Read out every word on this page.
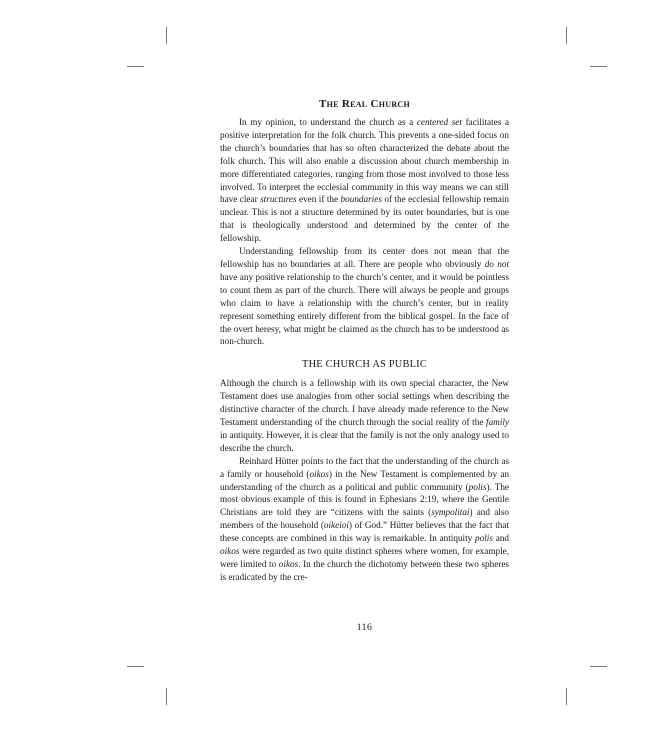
The Real Church

In my opinion, to understand the church as a centered set facilitates a positive interpretation for the folk church. This prevents a one-sided focus on the church’s boundaries that has so often characterized the debate about the folk church. This will also enable a discussion about church membership in more differentiated categories, ranging from those most involved to those less involved. To interpret the ecclesial community in this way means we can still have clear structures even if the boundaries of the ecclesial fellowship remain unclear. This is not a structure determined by its outer boundaries, but is one that is theologically understood and determined by the center of the fellowship.

Understanding fellowship from its center does not mean that the fellowship has no boundaries at all. There are people who obviously do not have any positive relationship to the church’s center, and it would be pointless to count them as part of the church. There will always be people and groups who claim to have a relationship with the church’s center, but in reality represent something entirely different from the biblical gospel. In the face of the overt heresy, what might be claimed as the church has to be understood as non-church.

THE CHURCH AS PUBLIC

Although the church is a fellowship with its own special character, the New Testament does use analogies from other social settings when describing the distinctive character of the church. I have already made reference to the New Testament understanding of the church through the social reality of the family in antiquity. However, it is clear that the family is not the only analogy used to describe the church.

Reinhard Hütter points to the fact that the understanding of the church as a family or household (oikos) in the New Testament is complemented by an understanding of the church as a political and public community (polis). The most obvious example of this is found in Ephesians 2:19, where the Gentile Christians are told they are “citizens with the saints (sympolitai) and also members of the household (oikeioi) of God.” Hütter believes that the fact that these concepts are combined in this way is remarkable. In antiquity polis and oikos were regarded as two quite distinct spheres where women, for example, were limited to oikos. In the church the dichotomy between these two spheres is eradicated by the cre-

116
